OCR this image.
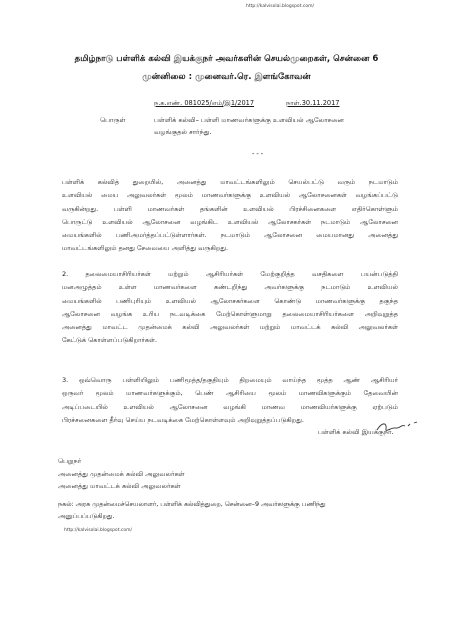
http://kalvisolai.blogspot.com/
தமிழ்நாடு பள்ளிக் கல்வி இயக்குநர் அவர்களின் செயல்முறைகள், சென்னை 6
முன்னிலை : முனைவர்.ரெ. இளங்கோவன்
ந.க.எண். 081025/எம்/இ1/2017	நாள்.30.11.2017
பொருள்	பள்ளிக் கல்வி– பள்ளி மாணவர்களுக்கு உளவியல் ஆலோசனை
வழங்குதல் சார்ந்து.
---
பள்ளிக் கல்வித் துறையில், அனைத்து மாவட்டங்களிலும் செயல்பட்டு வரும் நடமாடும்
உளவியல் மைய அலுவலர்கள் மூலம் மாணவர்களுக்கு உளவியல் ஆலோசனைகள் வழங்கப்பட்டு
வருகின்றது. பள்ளி மாணவர்கள் தங்களின் உளவியல் பிரச்சினைகளை எதிர்கொள்ளும்
பொருட்டு உளவியல் ஆலோசனை வழங்கிட உளவியல் ஆலோசகர்கள் நடமாடும் ஆலோசனை
மையங்களில் பணிஅமர்த்தப்பட்டுள்ளார்கள். நடமாடும் ஆலோசனை மையமானது அனைத்து
மாவட்டங்களிலும் தனது சேவையை அளித்து வருகிறது.
2. தலைமையாசிரியர்கள் மற்றும் ஆசிரியர்கள் மேற்குறித்த வசதிகளை பயன்படுத்தி
மனஅழுத்தம் உள்ள மாணவர்களை கண்டறிந்து அவர்களுக்கு நடமாடும் உளவியல்
மையங்களில் பணிபுரியும் உளவியல் ஆலோசகர்களை கொண்டு மாணவர்களுக்கு தகுந்த
ஆலோசனை வழங்க உரிய நடவடிக்கை மேற்கொள்ளுமாறு தலைமையாசிரியர்களை அறிவுறுத்த
அனைத்து மாவட்ட முதன்மைக் கல்வி அலுவலர்கள் மற்றும் மாவட்டக் கல்வி அலுவலர்கள்
கேட்டுக் கொள்ளப்படுகிறார்கள்.
3. ஒவ்வொரு பள்ளியிலும் பணிமூத்த/தகுதியும் திறமையும் வாய்ந்த மூத்த ஆண் ஆசிரியர்
ஒருவர் மூலம் மாணவர்களுக்கும், பெண் ஆசிரியை மூலம் மாணவிகளுக்கும் தேவையின்
அடிப்படையில் உளவியல் ஆலோசனை வழங்கி மாணவ மாணவியர்களுக்கு ஏற்படும்
பிரச்சனைகளை தீர்வு செய்ய நடவடிக்கை மேற்கொள்ளவும் அறிவுறுத்தப்படுகிறது.
பள்ளிக் கல்வி இயக்குநர்.
பெறுநர்
அனைத்து முதன்மைக் கல்வி அலுவலர்கள்
அனைத்து மாவட்டக் கல்வி அலுவலர்கள்
நகல்: அரசு முதன்மைச்செயலாளர், பள்ளிக் கல்வித்துறை, சென்னை–9 அவர்களுக்கு பணிந்து
அனுப்பப்படுகிறது.
http://kalvisolai.blogspot.com/
